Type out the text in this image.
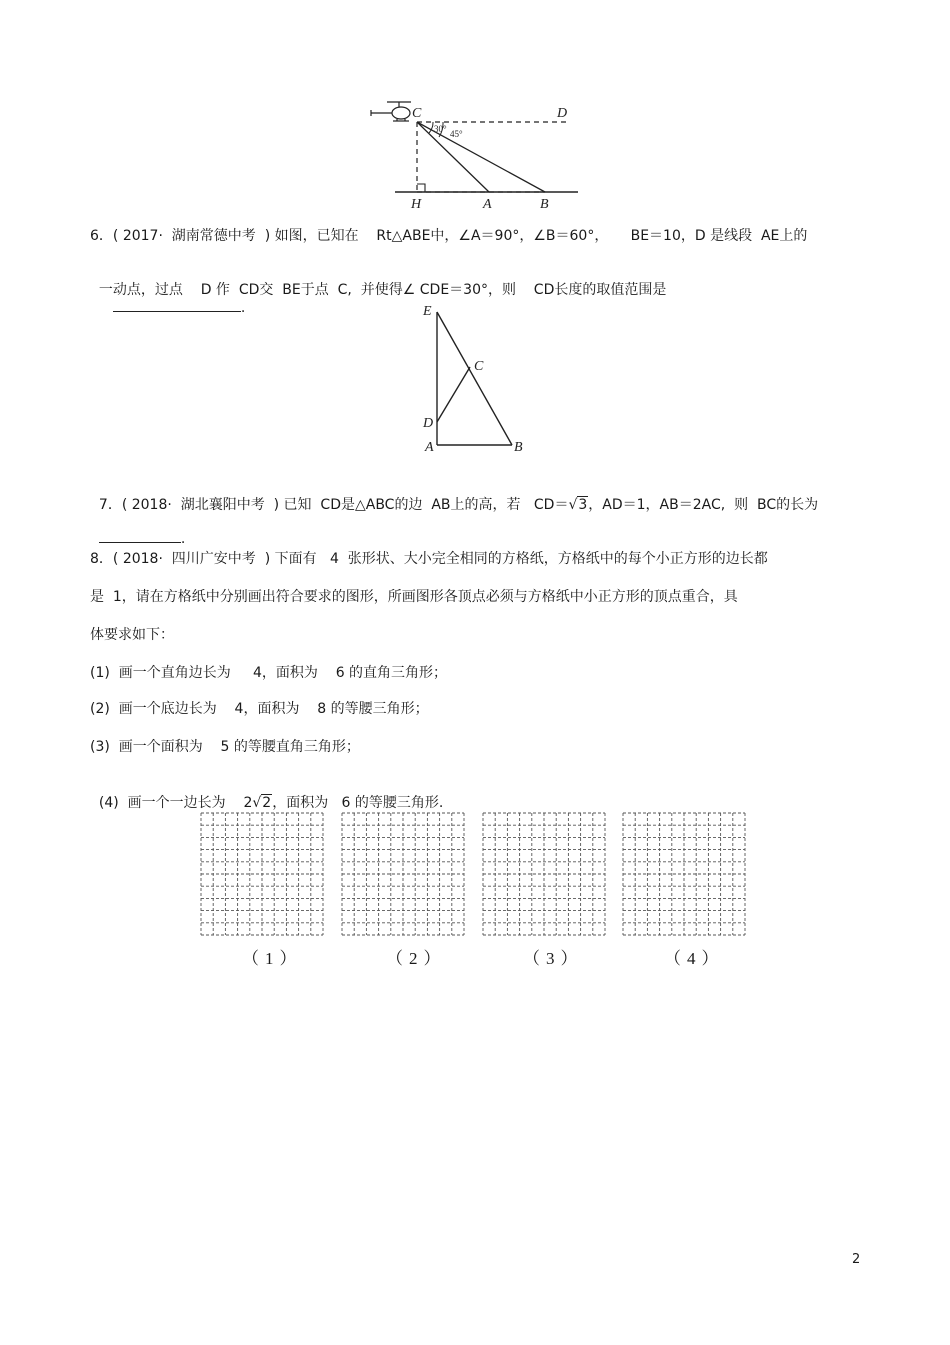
30° 45°
C	D
H	A	B
6．( 2017·  湖南常德中考  ) 如图，已知在    Rt△ABE中，∠A＝90°，∠B＝60°，     BE＝10，D 是线段  AE上的

一动点，过点    D 作  CD交  BE于点  C,  并使得∠ CDE＝30°，则    CD长度的取值范围是
.	E
C
D
A	B

7．( 2018·  湖北襄阳中考  ) 已知  CD是△ABC的边  AB上的高，若   CD＝√3，AD＝1，AB＝2AC,  则  BC的长为

.

8．( 2018·  四川广安中考  ) 下面有   4  张形状、大小完全相同的方格纸，方格纸中的每个小正方形的边长都
是  1，请在方格纸中分别画出符合要求的图形，所画图形各顶点必须与方格纸中小正方形的顶点重合，具
体要求如下：
(1)  画一个直角边长为     4，面积为    6 的直角三角形；
(2)  画一个底边长为    4，面积为    8 的等腰三角形；
(3)  画一个面积为    5 的等腰直角三角形；

(4)  画一个一边长为    2√2，面积为   6 的等腰三角形.

（1）	（2）	（3）	（4）
2
